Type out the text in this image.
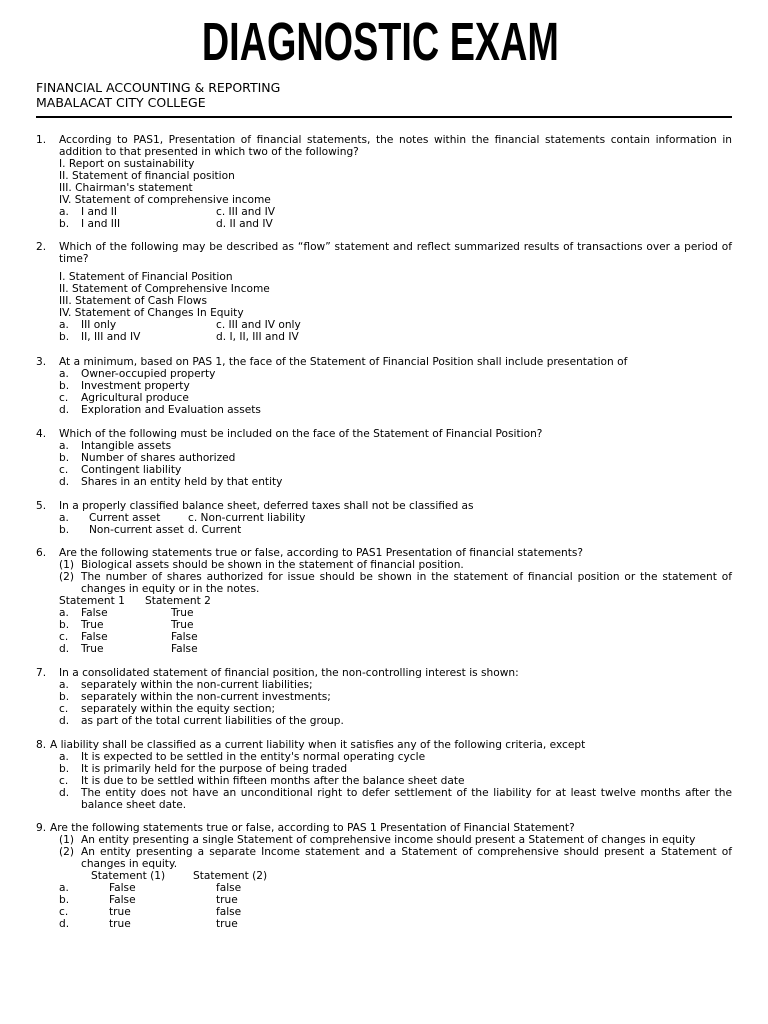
DIAGNOSTIC EXAM
FINANCIAL ACCOUNTING & REPORTING
MABALACAT CITY COLLEGE
1.	According to PAS1, Presentation of financial statements, the notes within the financial statements contain information in addition to that presented in which two of the following?
I. Report on sustainability
II. Statement of financial position
III. Chairman's statement
IV. Statement of comprehensive income
a. I and II	c. III and IV
b. I and III	d. II and IV
2.	Which of the following may be described as “flow” statement and reflect summarized results of transactions over a period of time?
I. Statement of Financial Position
II. Statement of Comprehensive Income
III. Statement of Cash Flows
IV. Statement of Changes In Equity
a. III only	c. III and IV only
b. II, III and IV	d. I, II, III and IV
3.	At a minimum, based on PAS 1, the face of the Statement of Financial Position shall include presentation of
a. Owner-occupied property
b. Investment property
c. Agricultural produce
d. Exploration and Evaluation assets
4.	Which of the following must be included on the face of the Statement of Financial Position?
a. Intangible assets
b. Number of shares authorized
c. Contingent liability
d. Shares in an entity held by that entity
5.	In a properly classified balance sheet, deferred taxes shall not be classified as
a. Current asset	c. Non-current liability
b. Non-current asset d. Current
6.	Are the following statements true or false, according to PAS1 Presentation of financial statements?
(1) Biological assets should be shown in the statement of financial position.
(2) The number of shares authorized for issue should be shown in the statement of financial position or the statement of changes in equity or in the notes.
Statement 1 Statement 2
a. False	True
b. True	True
c. False	False
d. True	False
7.	In a consolidated statement of financial position, the non-controlling interest is shown:
a. separately within the non-current liabilities;
b. separately within the non-current investments;
c. separately within the equity section;
d. as part of the total current liabilities of the group.
8. A liability shall be classified as a current liability when it satisfies any of the following criteria, except
a. It is expected to be settled in the entity's normal operating cycle
b. It is primarily held for the purpose of being traded
c. It is due to be settled within fifteen months after the balance sheet date
d.	The entity does not have an unconditional right to defer settlement of the liability for at least twelve months after the balance sheet date.
9. Are the following statements true or false, according to PAS 1 Presentation of Financial Statement?
(1) An entity presenting a single Statement of comprehensive income should present a Statement of changes in equity
(2) An entity presenting a separate Income statement and a Statement of comprehensive should present a Statement of changes in equity.
Statement (1)	Statement (2)
a.	False	false
b.	False	true
c.	true	false
d.	true	true
